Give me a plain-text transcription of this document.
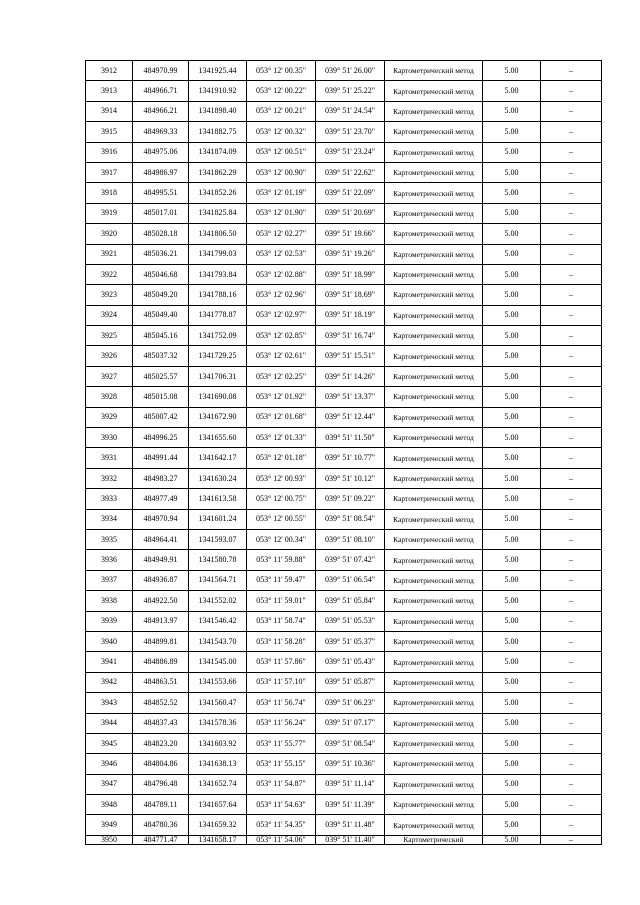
3912	484970.99	1341925.44	053° 12' 00.35"	039° 51' 26.00"	Картометрический метод	5.00	–
3913	484966.71	1341910.92	053° 12' 00.22"	039° 51' 25.22"	Картометрический метод	5.00	–
3914	484966.21	1341898.40	053° 12' 00.21"	039° 51' 24.54"	Картометрический метод	5.00	–
3915	484969.33	1341882.75	053° 12' 00.32"	039° 51' 23.70"	Картометрический метод	5.00	–
3916	484975.06	1341874.09	053° 12' 00.51"	039° 51' 23.24"	Картометрический метод	5.00	–
3917	484986.97	1341862.29	053° 12' 00.90"	039° 51' 22.62"	Картометрический метод	5.00	–
3918	484995.51	1341852.26	053° 12' 01.19"	039° 51' 22.09"	Картометрический метод	5.00	–
3919	485017.01	1341825.84	053° 12' 01.90"	039° 51' 20.69"	Картометрический метод	5.00	–
3920	485028.18	1341806.50	053° 12' 02.27"	039° 51' 19.66"	Картометрический метод	5.00	–
3921	485036.21	1341799.03	053° 12' 02.53"	039° 51' 19.26"	Картометрический метод	5.00	–
3922	485046.68	1341793.84	053° 12' 02.88"	039° 51' 18.99"	Картометрический метод	5.00	–
3923	485049.20	1341788.16	053° 12' 02.96"	039° 51' 18.69"	Картометрический метод	5.00	–
3924	485049.40	1341778.87	053° 12' 02.97"	039° 51' 18.19"	Картометрический метод	5.00	–
3925	485045.16	1341752.09	053° 12' 02.85"	039° 51' 16.74"	Картометрический метод	5.00	–
3926	485037.32	1341729.25	053° 12' 02.61"	039° 51' 15.51"	Картометрический метод	5.00	–
3927	485025.57	1341706.31	053° 12' 02.25"	039° 51' 14.26"	Картометрический метод	5.00	–
3928	485015.08	1341690.08	053° 12' 01.92"	039° 51' 13.37"	Картометрический метод	5.00	–
3929	485007.42	1341672.90	053° 12' 01.68"	039° 51' 12.44"	Картометрический метод	5.00	–
3930	484996.25	1341655.60	053° 12' 01.33"	039° 51' 11.50"	Картометрический метод	5.00	–
3931	484991.44	1341642.17	053° 12' 01.18"	039° 51' 10.77"	Картометрический метод	5.00	–
3932	484983.27	1341630.24	053° 12' 00.93"	039° 51' 10.12"	Картометрический метод	5.00	–
3933	484977.49	1341613.58	053° 12' 00.75"	039° 51' 09.22"	Картометрический метод	5.00	–
3934	484970.94	1341601.24	053° 12' 00.55"	039° 51' 08.54"	Картометрический метод	5.00	–
3935	484964.41	1341593.07	053° 12' 00.34"	039° 51' 08.10"	Картометрический метод	5.00	–
3936	484949.91	1341580.78	053° 11' 59.88"	039° 51' 07.42"	Картометрический метод	5.00	–
3937	484936.87	1341564.71	053° 11' 59.47"	039° 51' 06.54"	Картометрический метод	5.00	–
3938	484922.50	1341552.02	053° 11' 59.01"	039° 51' 05.84"	Картометрический метод	5.00	–
3939	484913.97	1341546.42	053° 11' 58.74"	039° 51' 05.53"	Картометрический метод	5.00	–
3940	484899.81	1341543.70	053° 11' 58.28"	039° 51' 05.37"	Картометрический метод	5.00	–
3941	484886.89	1341545.00	053° 11' 57.86"	039° 51' 05.43"	Картометрический метод	5.00	–
3942	484863.51	1341553.66	053° 11' 57.10"	039° 51' 05.87"	Картометрический метод	5.00	–
3943	484852.52	1341560.47	053° 11' 56.74"	039° 51' 06.23"	Картометрический метод	5.00	–
3944	484837.43	1341578.36	053° 11' 56.24"	039° 51' 07.17"	Картометрический метод	5.00	–
3945	484823.20	1341603.92	053° 11' 55.77"	039° 51' 08.54"	Картометрический метод	5.00	–
3946	484804.86	1341638.13	053° 11' 55.15"	039° 51' 10.36"	Картометрический метод	5.00	–
3947	484796.48	1341652.74	053° 11' 54.87"	039° 51' 11.14"	Картометрический метод	5.00	–
3948	484789.11	1341657.64	053° 11' 54.63"	039° 51' 11.39"	Картометрический метод	5.00	–
3949	484780.36	1341659.32	053° 11' 54.35"	039° 51' 11.48"	Картометрический метод	5.00	–
3950	484771.47	1341658.17	053° 11' 54.06"	039° 51' 11.40"	Картометрический	5.00	–
